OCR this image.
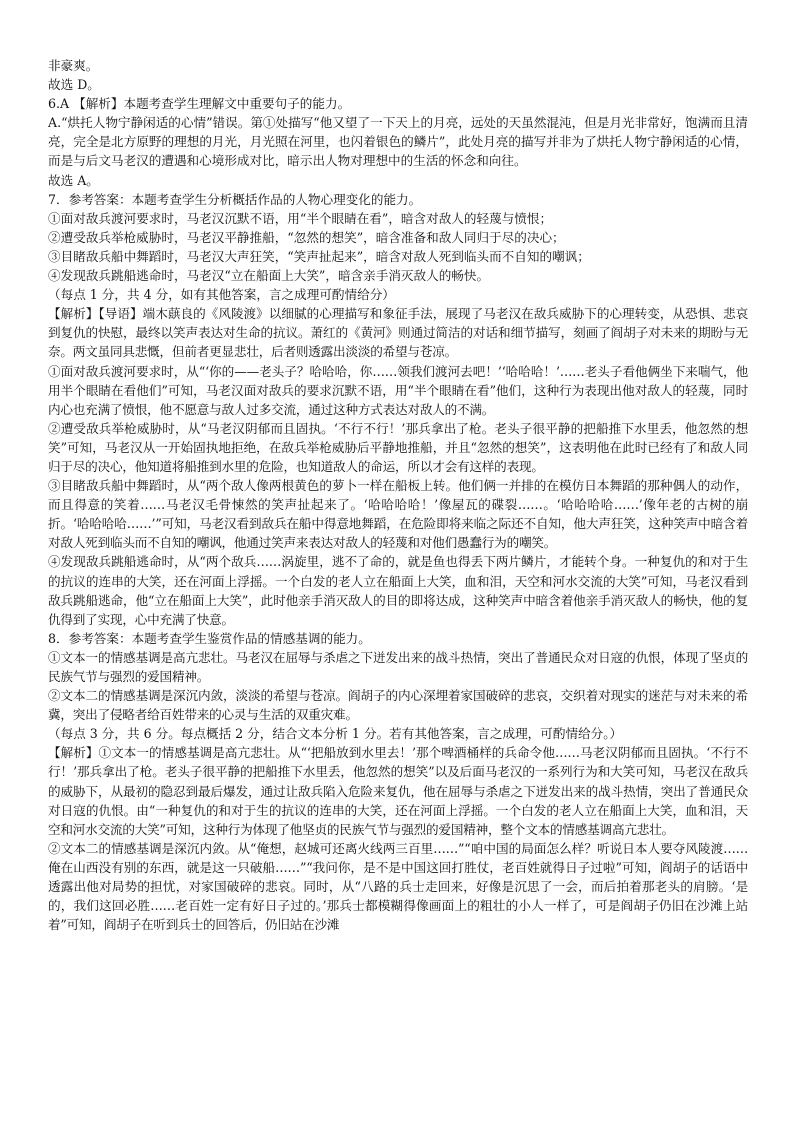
非豪爽。

故选 D。

6.A 【解析】本题考查学生理解文中重要句子的能力。

A.“烘托人物宁静闲适的心情”错误。第①处描写“他又望了一下天上的月亮，远处的天虽然混沌，但是月光非常好，饱满而且清亮，完全是北方原野的理想的月光，月光照在河里，也闪着银色的鳞片”，此处月亮的描写并非为了烘托人物宁静闲适的心情，而是与后文马老汉的遭遇和心境形成对比，暗示出人物对理想中的生活的怀念和向往。

故选 A。

7．参考答案：本题考查学生分析概括作品的人物心理变化的能力。

①面对敌兵渡河要求时，马老汉沉默不语，用“半个眼睛在看”，暗含对敌人的轻蔑与愤恨；

②遭受敌兵举枪威胁时，马老汉平静推船，“忽然的想笑”，暗含准备和敌人同归于尽的决心；

③目睹敌兵船中舞蹈时，马老汉大声狂笑，“笑声扯起来”，暗含对敌人死到临头而不自知的嘲讽；

④发现敌兵跳船逃命时，马老汉“立在船面上大笑”，暗含亲手消灭敌人的畅快。

（每点 1 分，共 4 分，如有其他答案，言之成理可酌情给分）

【解析】【导语】端木蕻良的《风陵渡》以细腻的心理描写和象征手法，展现了马老汉在敌兵威胁下的心理转变，从恐惧、悲哀到复仇的快慰，最终以笑声表达对生命的抗议。萧红的《黄河》则通过简洁的对话和细节描写，刻画了阎胡子对未来的期盼与无奈。两文虽同具悲慨，但前者更显悲壮，后者则透露出淡淡的希望与苍凉。

①面对敌兵渡河要求时，从“‘你的——老头子？哈哈哈，你……领我们渡河去吧！’‘哈哈哈！’……老头子看他俩坐下来喘气，他用半个眼睛在看他们”可知，马老汉面对敌兵的要求沉默不语，用“半个眼睛在看”他们，这种行为表现出他对敌人的轻蔑，同时内心也充满了愤恨，他不愿意与敌人过多交流，通过这种方式表达对敌人的不满。

②遭受敌兵举枪威胁时，从“马老汉阴郁而且固执。‘不行不行！’那兵拿出了枪。老头子很平静的把船推下水里丢，他忽然的想笑”可知，马老汉从一开始固执地拒绝，在敌兵举枪威胁后平静地推船，并且“忽然的想笑”，这表明他在此时已经有了和敌人同归于尽的决心，他知道将船推到水里的危险，也知道敌人的命运，所以才会有这样的表现。

③目睹敌兵船中舞蹈时，从“两个敌人像两根黄色的萝卜一样在船板上转。他们俩一并排的在模仿日本舞蹈的那种偶人的动作，而且得意的笑着……马老汉毛骨悚然的笑声扯起来了。‘哈哈哈哈！’像屋瓦的碟裂……。‘哈哈哈哈……’像年老的古树的崩折。‘哈哈哈哈……’”可知，马老汉看到敌兵在船中得意地舞蹈，在危险即将来临之际还不自知，他大声狂笑，这种笑声中暗含着对敌人死到临头而不自知的嘲讽，他通过笑声来表达对敌人的轻蔑和对他们愚蠢行为的嘲笑。

④发现敌兵跳船逃命时，从“两个敌兵……涡旋里，逃不了命的，就是鱼也得丢下两片鳞片，才能转个身。一种复仇的和对于生的抗议的连串的大笑，还在河面上浮摇。一个白发的老人立在船面上大笑，血和泪，天空和河水交流的大笑”可知，马老汉看到敌兵跳船逃命，他“立在船面上大笑”，此时他亲手消灭敌人的目的即将达成，这种笑声中暗含着他亲手消灭敌人的畅快，他的复仇得到了实现，心中充满了快意。

8．参考答案：本题考查学生鉴赏作品的情感基调的能力。

①文本一的情感基调是高亢悲壮。马老汉在屈辱与杀虐之下迸发出来的战斗热情，突出了普通民众对日寇的仇恨，体现了坚贞的民族气节与强烈的爱国精神。

②文本二的情感基调是深沉内敛，淡淡的希望与苍凉。阎胡子的内心深埋着家国破碎的悲哀，交织着对现实的迷茫与对未来的希冀，突出了侵略者给百姓带来的心灵与生活的双重灾难。

（每点 3 分，共 6 分。每点概括 2 分，结合文本分析 1 分。若有其他答案，言之成理，可酌情给分。）

【解析】①文本一的情感基调是高亢悲壮。从“‘把船放到水里去！’那个啤酒桶样的兵命令他……马老汉阴郁而且固执。‘不行不行！’那兵拿出了枪。老头子很平静的把船推下水里丢，他忽然的想笑”以及后面马老汉的一系列行为和大笑可知，马老汉在敌兵的威胁下，从最初的隐忍到最后爆发，通过让敌兵陷入危险来复仇，他在屈辱与杀虐之下迸发出来的战斗热情，突出了普通民众对日寇的仇恨。由“一种复仇的和对于生的抗议的连串的大笑，还在河面上浮摇。一个白发的老人立在船面上大笑，血和泪，天空和河水交流的大笑”可知，这种行为体现了他坚贞的民族气节与强烈的爱国精神，整个文本的情感基调高亢悲壮。

②文本二的情感基调是深沉内敛。从“俺想，赵城可还离火线两三百里……”“咱中国的局面怎么样？听说日本人要夺风陵渡……俺在山西没有别的东西，就是这一只破船……”“我问你，是不是中国这回打胜仗，老百姓就得日子过啦”可知，阎胡子的话语中透露出他对局势的担忧，对家国破碎的悲哀。同时，从“八路的兵士走回来，好像是沉思了一会，而后拍着那老头的肩膀。‘是的，我们这回必胜……老百姓一定有好日子过的。’那兵士都模糊得像画面上的粗壮的小人一样了，可是阎胡子仍旧在沙滩上站着”可知，阎胡子在听到兵士的回答后，仍旧站在沙滩
